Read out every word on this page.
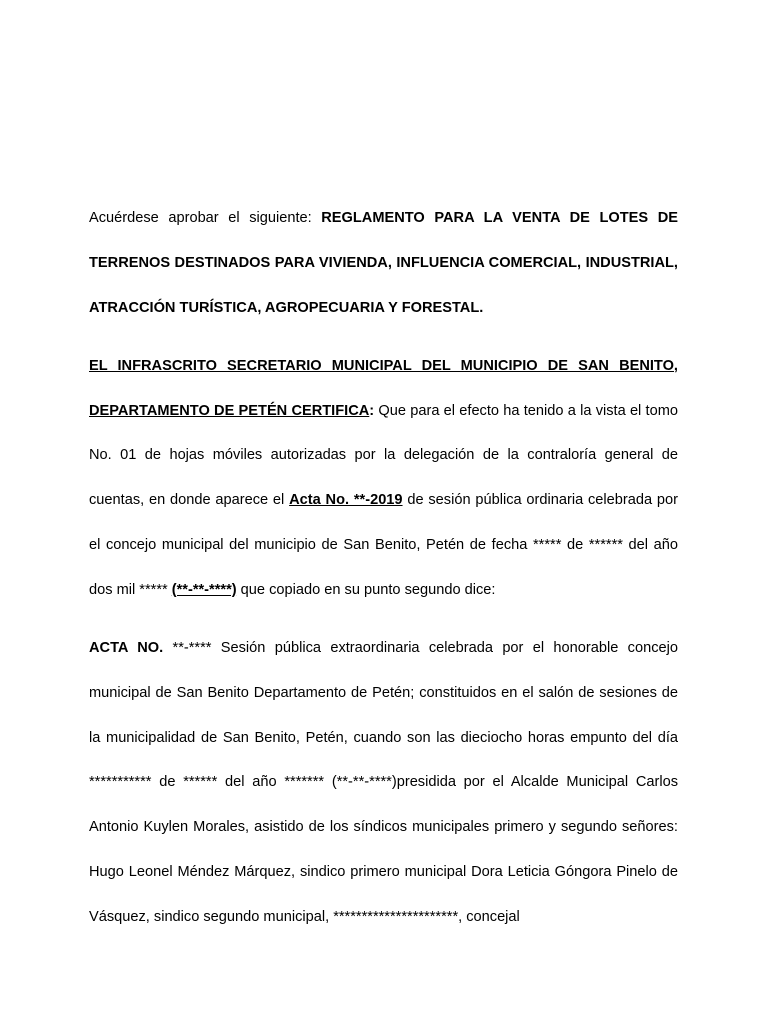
Acuérdese aprobar el siguiente: REGLAMENTO PARA LA VENTA DE LOTES DE TERRENOS DESTINADOS PARA VIVIENDA, INFLUENCIA COMERCIAL, INDUSTRIAL, ATRACCIÓN TURÍSTICA, AGROPECUARIA Y FORESTAL.

EL INFRASCRITO SECRETARIO MUNICIPAL DEL MUNICIPIO DE SAN BENITO, DEPARTAMENTO DE PETÉN CERTIFICA: Que para el efecto ha tenido a la vista el tomo No. 01 de hojas móviles autorizadas por la delegación de la contraloría general de cuentas, en donde aparece el Acta No. **-2019 de sesión pública ordinaria celebrada por el concejo municipal del municipio de San Benito, Petén de fecha ***** de ****** del año dos mil ***** (**-**-****) que copiado en su punto segundo dice:

ACTA NO. **-**** Sesión pública extraordinaria celebrada por el honorable concejo municipal de San Benito Departamento de Petén; constituidos en el salón de sesiones de la municipalidad de San Benito, Petén, cuando son las dieciocho horas empunto del día *********** de ****** del año ******* (**-**-****)presidida por el Alcalde Municipal Carlos Antonio Kuylen Morales, asistido de los síndicos municipales primero y segundo señores: Hugo Leonel Méndez Márquez, sindico primero municipal Dora Leticia Góngora Pinelo de Vásquez, sindico segundo municipal, **********************, concejal
